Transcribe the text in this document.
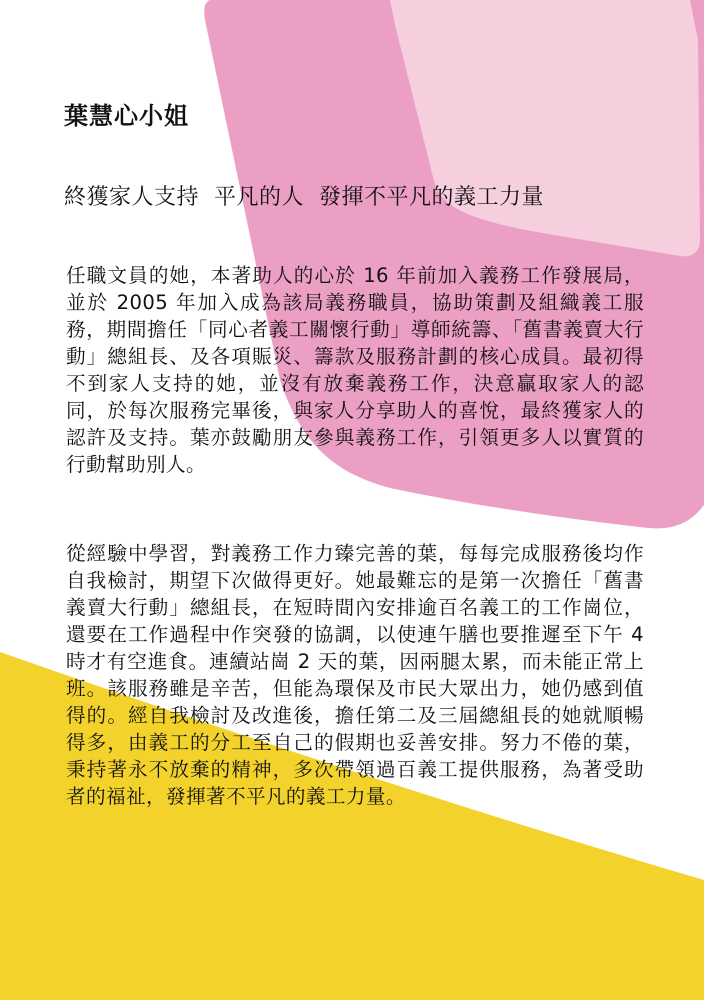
葉慧心小姐
終獲家人支持  平凡的人  發揮不平凡的義工力量

任職文員的她，本著助人的心於 16 年前加入義務工作發展局，並於 2005 年加入成為該局義務職員，協助策劃及組織義工服務，期間擔任「同心者義工關懷行動」導師統籌、「舊書義賣大行動」總組長、及各項賑災、籌款及服務計劃的核心成員。最初得不到家人支持的她，並沒有放棄義務工作，決意贏取家人的認同，於每次服務完畢後，與家人分享助人的喜悅，最終獲家人的認許及支持。葉亦鼓勵朋友參與義務工作，引領更多人以實質的行動幫助別人。

從經驗中學習，對義務工作力臻完善的葉，每每完成服務後均作自我檢討，期望下次做得更好。她最難忘的是第一次擔任「舊書義賣大行動」總組長，在短時間內安排逾百名義工的工作崗位，還要在工作過程中作突發的協調，以使連午膳也要推遲至下午 4 時才有空進食。連續站崗 2 天的葉，因兩腿太累，而未能正常上班。該服務雖是辛苦，但能為環保及市民大眾出力，她仍感到值得的。經自我檢討及改進後，擔任第二及三屆總組長的她就順暢得多，由義工的分工至自己的假期也妥善安排。努力不倦的葉，秉持著永不放棄的精神，多次帶領過百義工提供服務，為著受助者的福祉，發揮著不平凡的義工力量。
